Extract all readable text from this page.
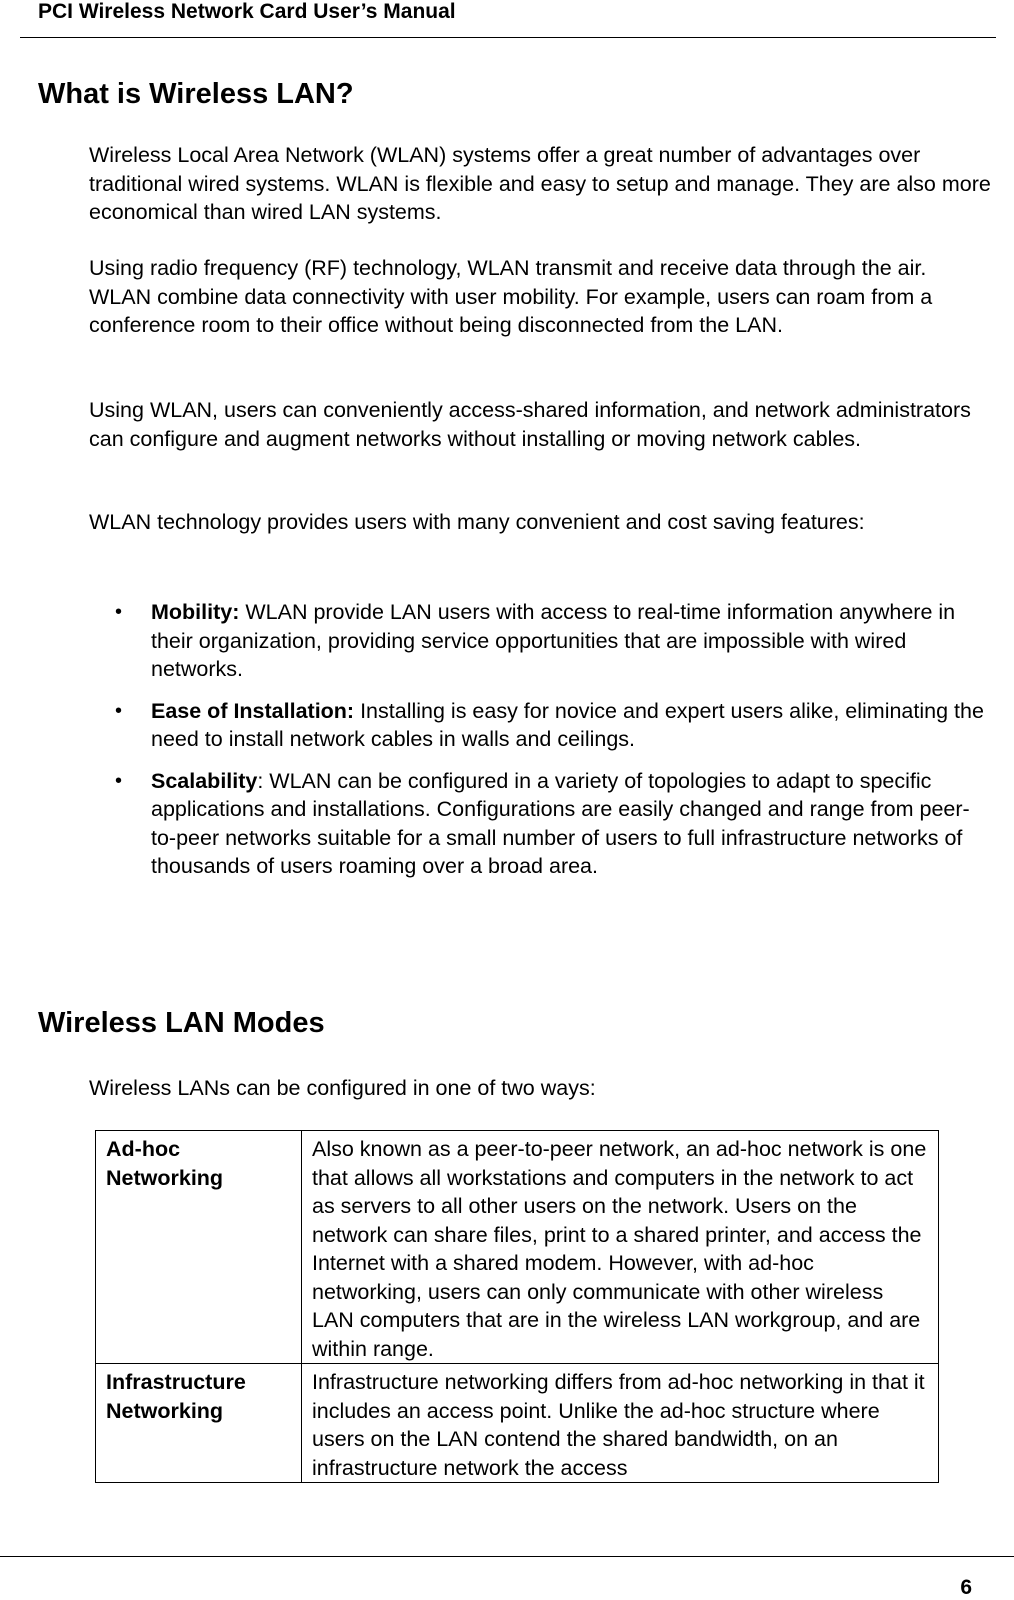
PCI Wireless Network Card User’s Manual
What is Wireless LAN?
Wireless Local Area Network (WLAN) systems offer a great number of advantages over traditional wired systems. WLAN is flexible and easy to setup and manage. They are also more economical than wired LAN systems.
Using radio frequency (RF) technology, WLAN transmit and receive data through the air. WLAN combine data connectivity with user mobility. For example, users can roam from a conference room to their office without being disconnected from the LAN.
Using WLAN, users can conveniently access-shared information, and network administrators can configure and augment networks without installing or moving network cables.
WLAN technology provides users with many convenient and cost saving features:
• Mobility: WLAN provide LAN users with access to real-time information anywhere in their organization, providing service opportunities that are impossible with wired networks.
• Ease of Installation: Installing is easy for novice and expert users alike, eliminating the need to install network cables in walls and ceilings.
• Scalability: WLAN can be configured in a variety of topologies to adapt to specific applications and installations. Configurations are easily changed and range from peer-to-peer networks suitable for a small number of users to full infrastructure networks of thousands of users roaming over a broad area.
Wireless LAN Modes
Wireless LANs can be configured in one of two ways:
Ad-hoc Networking	Also known as a peer-to-peer network, an ad-hoc network is one that allows all workstations and computers in the network to act as servers to all other users on the network. Users on the network can share files, print to a shared printer, and access the Internet with a shared modem. However, with ad-hoc networking, users can only communicate with other wireless LAN computers that are in the wireless LAN workgroup, and are within range.
Infrastructure Networking	Infrastructure networking differs from ad-hoc networking in that it includes an access point. Unlike the ad-hoc structure where users on the LAN contend the shared bandwidth, on an infrastructure network the access
6
